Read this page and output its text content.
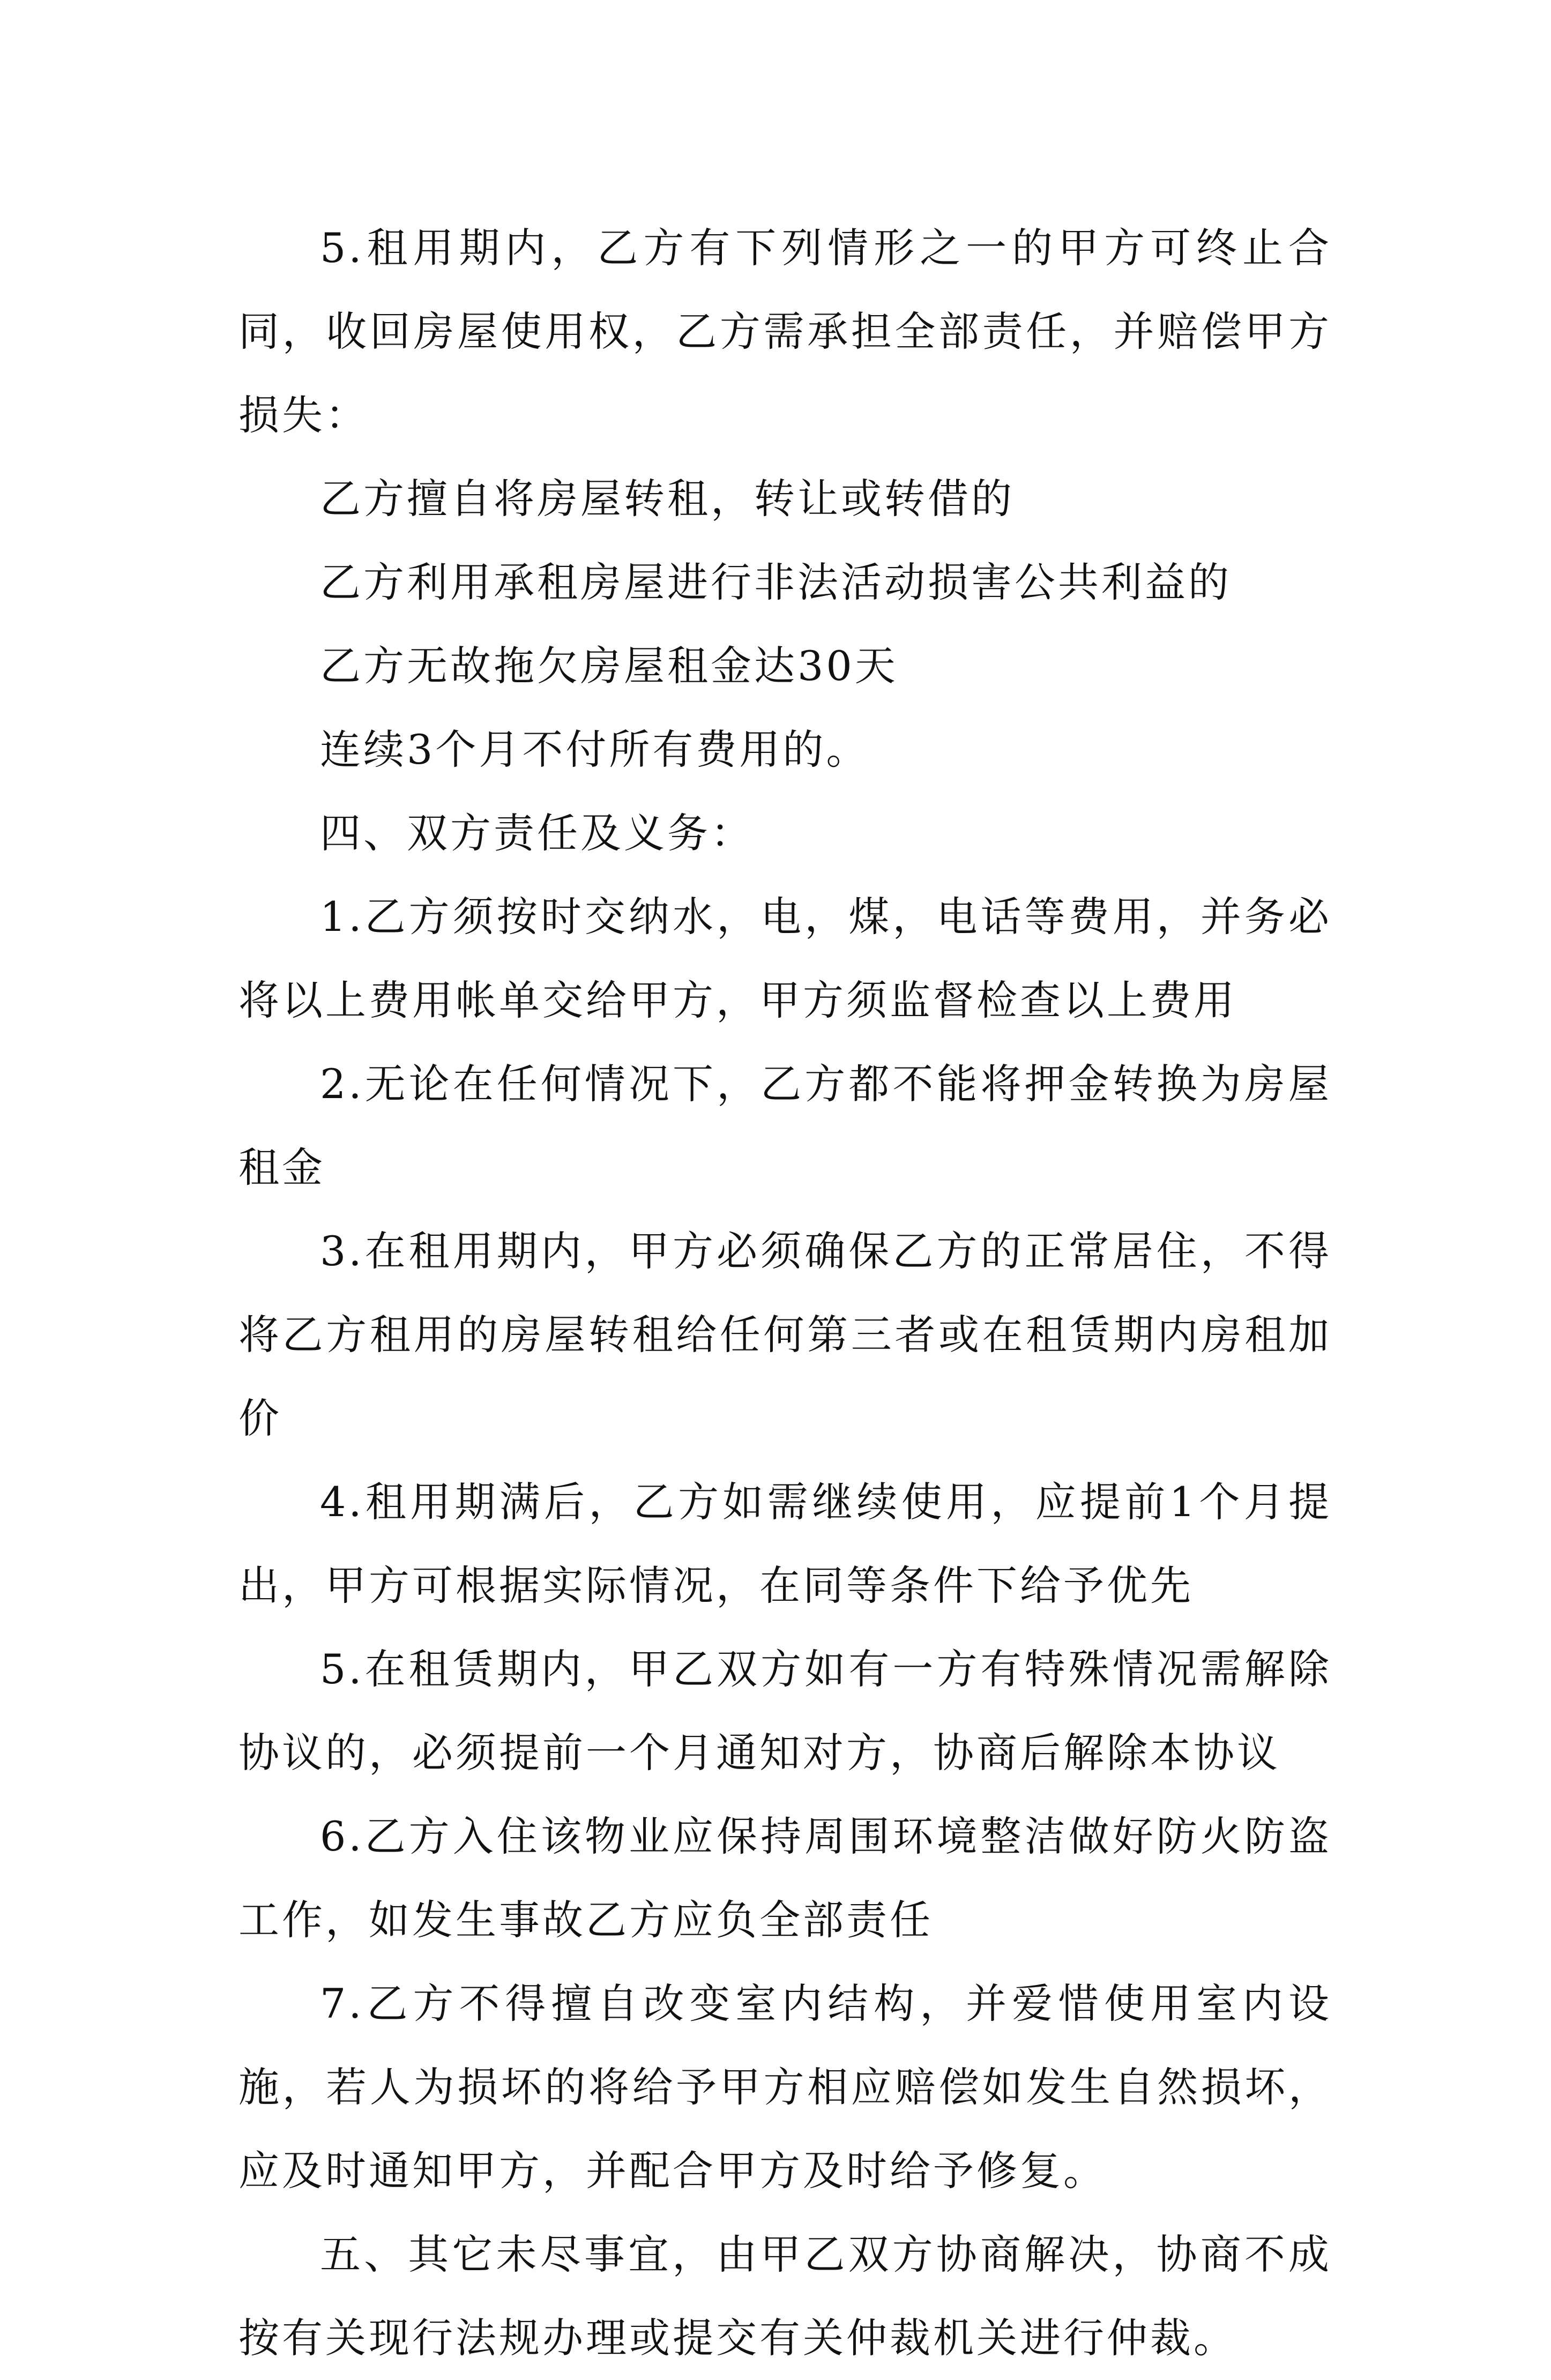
5.租用期内，乙方有下列情形之一的甲方可终止合同，收回房屋使用权，乙方需承担全部责任，并赔偿甲方损失：

乙方擅自将房屋转租，转让或转借的

乙方利用承租房屋进行非法活动损害公共利益的

乙方无故拖欠房屋租金达30天

连续3个月不付所有费用的。

四、双方责任及义务：

1.乙方须按时交纳水，电，煤，电话等费用，并务必将以上费用帐单交给甲方，甲方须监督检查以上费用

2.无论在任何情况下，乙方都不能将押金转换为房屋租金

3.在租用期内，甲方必须确保乙方的正常居住，不得将乙方租用的房屋转租给任何第三者或在租赁期内房租加价

4.租用期满后，乙方如需继续使用，应提前1个月提出，甲方可根据实际情况，在同等条件下给予优先

5.在租赁期内，甲乙双方如有一方有特殊情况需解除协议的，必须提前一个月通知对方，协商后解除本协议

6.乙方入住该物业应保持周围环境整洁做好防火防盗工作，如发生事故乙方应负全部责任

7.乙方不得擅自改变室内结构，并爱惜使用室内设施，若人为损坏的将给予甲方相应赔偿如发生自然损坏，应及时通知甲方，并配合甲方及时给予修复。

五、其它未尽事宜，由甲乙双方协商解决，协商不成按有关现行法规办理或提交有关仲裁机关进行仲裁。
